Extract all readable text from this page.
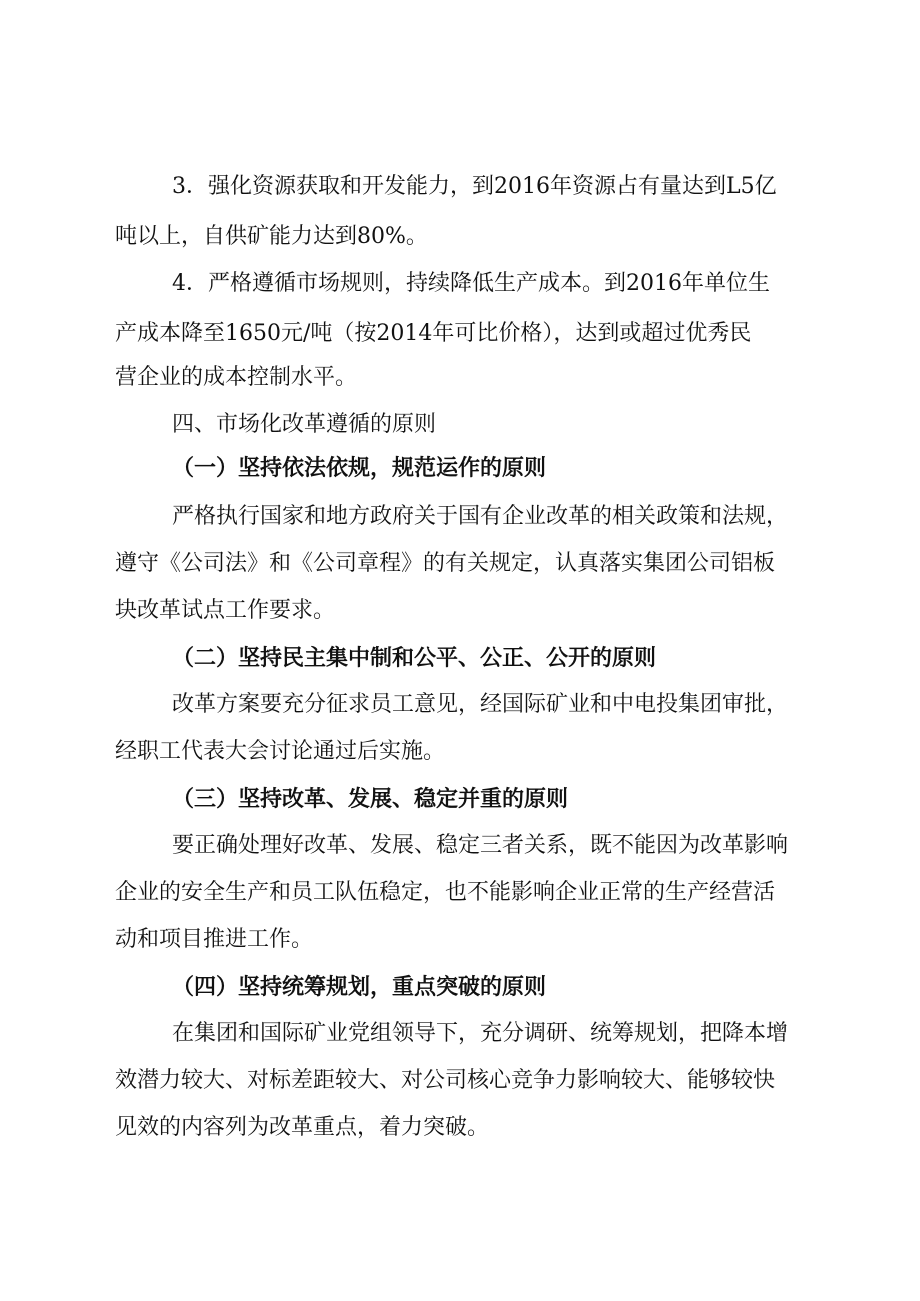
3．强化资源获取和开发能力，到2016年资源占有量达到L5亿
吨以上，自供矿能力达到80%。
4．严格遵循市场规则，持续降低生产成本。到2016年单位生
产成本降至1650元/吨（按2014年可比价格），达到或超过优秀民
营企业的成本控制水平。
四、市场化改革遵循的原则
（一）坚持依法依规，规范运作的原则
严格执行国家和地方政府关于国有企业改革的相关政策和法规，
遵守《公司法》和《公司章程》的有关规定，认真落实集团公司铝板
块改革试点工作要求。
（二）坚持民主集中制和公平、公正、公开的原则
改革方案要充分征求员工意见，经国际矿业和中电投集团审批，
经职工代表大会讨论通过后实施。
（三）坚持改革、发展、稳定并重的原则
要正确处理好改革、发展、稳定三者关系，既不能因为改革影响
企业的安全生产和员工队伍稳定，也不能影响企业正常的生产经营活
动和项目推进工作。
（四）坚持统筹规划，重点突破的原则
在集团和国际矿业党组领导下，充分调研、统筹规划，把降本增
效潜力较大、对标差距较大、对公司核心竞争力影响较大、能够较快
见效的内容列为改革重点，着力突破。
